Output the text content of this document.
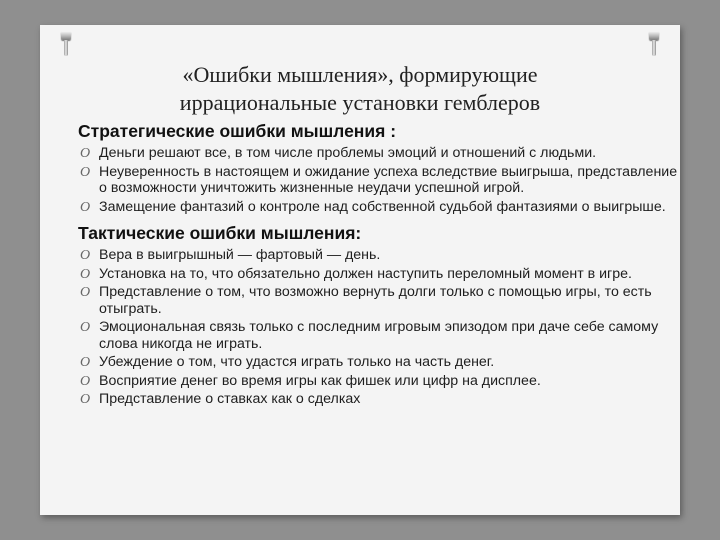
«Ошибки мышления», формирующие
иррациональные установки гемблеров
Стратегические ошибки мышления :
O Деньги решают все, в том числе проблемы эмоций и отношений с людьми.
O Неуверенность в настоящем и ожидание успеха вследствие выигрыша, представление о возможности уничтожить жизненные неудачи успешной игрой.
O Замещение фантазий о контроле над собственной судьбой фантазиями о выигрыше.
Тактические ошибки мышления:
O Вера в выигрышный — фартовый — день.
O Установка на то, что обязательно должен наступить переломный момент в игре.
O Представление о том, что возможно вернуть долги только с помощью игры, то есть отыграть.
O Эмоциональная связь только с последним игровым эпизодом при даче себе самому слова никогда не играть.
O Убеждение о том, что удастся играть только на часть денег.
O Восприятие денег во время игры как фишек или цифр на дисплее.
O Представление о ставках как о сделках
